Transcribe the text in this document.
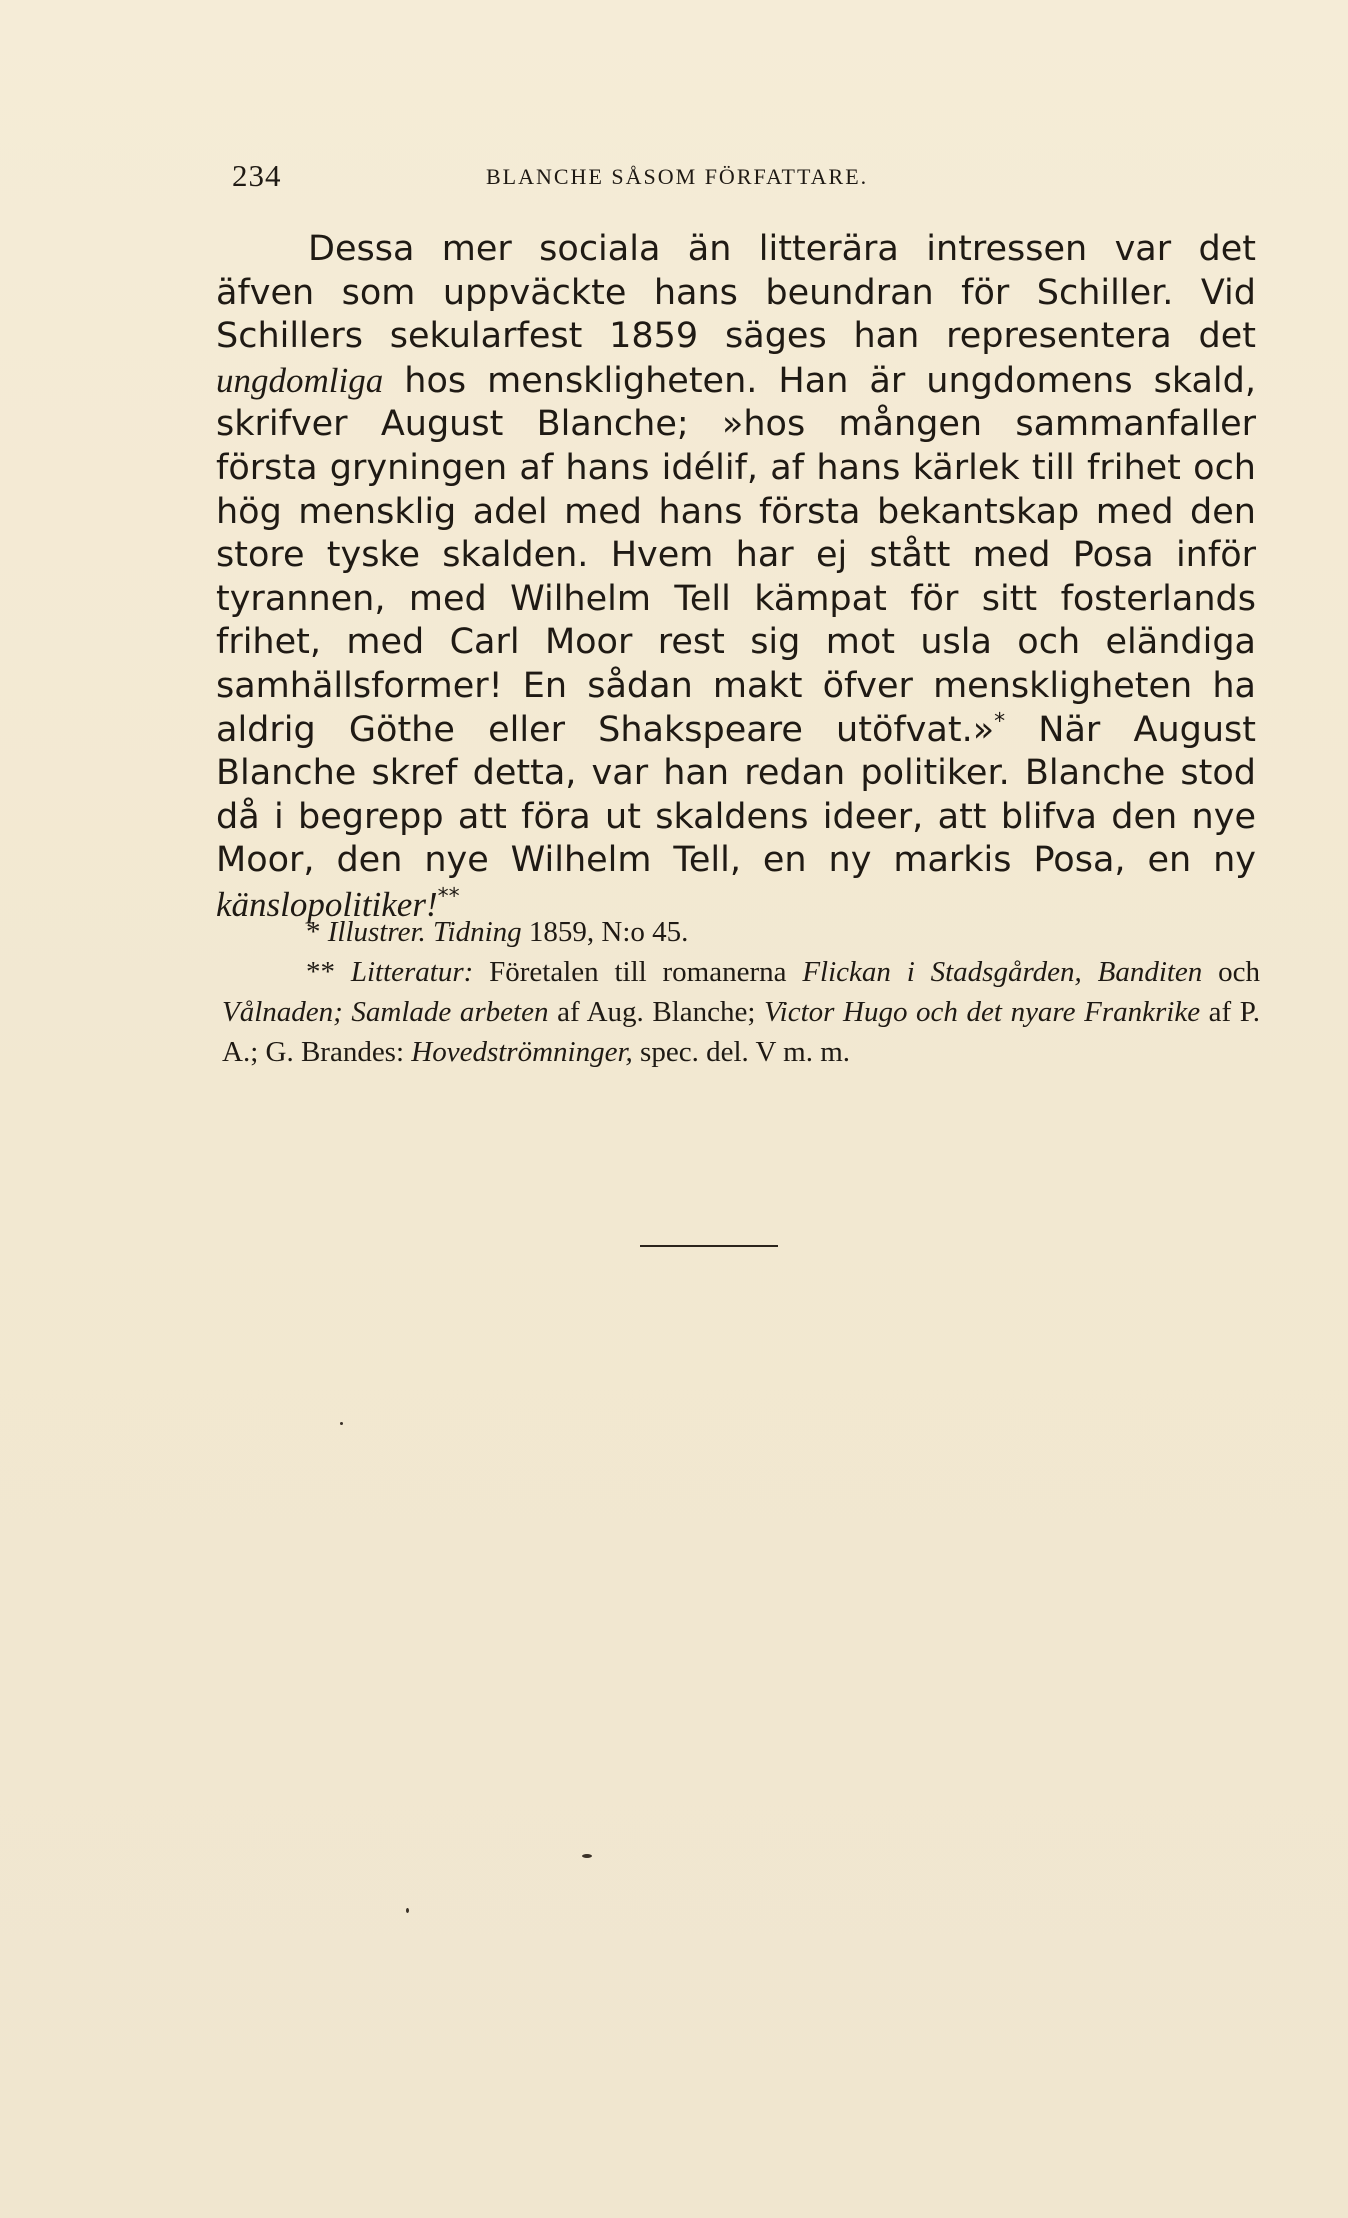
234	BLANCHE SÅSOM FÖRFATTARE.

Dessa mer sociala än litterära intressen var det äfven som uppväckte hans beundran för Schiller. Vid Schillers sekularfest 1859 säges han representera det ungdomliga hos menskligheten. Han är ungdomens skald, skrifver August Blanche; »hos mången sammanfaller första gryningen af hans idélif, af hans kärlek till frihet och hög mensklig adel med hans första bekantskap med den store tyske skalden. Hvem har ej stått med Posa inför tyrannen, med Wilhelm Tell kämpat för sitt fosterlands frihet, med Carl Moor rest sig mot usla och eländiga samhällsformer! En sådan makt öfver menskligheten ha aldrig Göthe eller Shakspeare utöfvat.»* När August Blanche skref detta, var han redan politiker. Blanche stod då i begrepp att föra ut skaldens ideer, att blifva den nye Moor, den nye Wilhelm Tell, en ny markis Posa, en ny känslopolitiker!**

* Illustrer. Tidning 1859, N:o 45.

** Litteratur: Företalen till romanerna Flickan i Stadsgården, Banditen och Vålnaden; Samlade arbeten af Aug. Blanche; Victor Hugo och det nyare Frankrike af P. A.; G. Brandes: Hovedströmninger, spec. del. V m. m.
